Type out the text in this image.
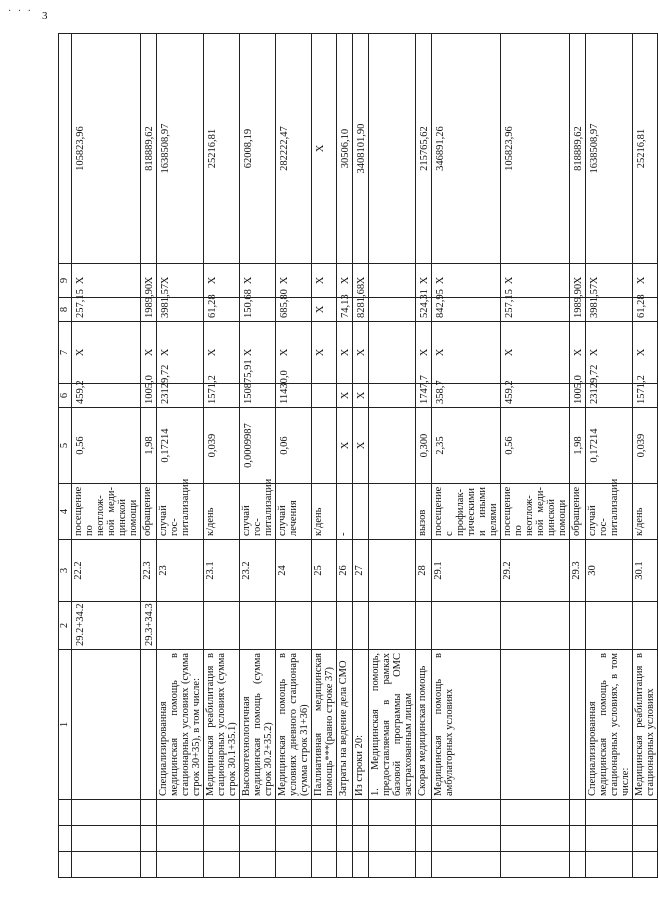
· · · 3
			1	2	3	4	5	6	7	8	9	
				29.2+34.2	22.2	посещение по неотлож-ной меди-цинской помощи	0,56	459,2	Х	257,15	Х	105823,96
				29.3+34.3	22.3	обращение	1,98	1005,0	Х	1989,90	Х	818889,62
			Специализированная медицинская помощь в стационарных условиях (сумма строк 30+35), в том числе:		23	случай гос-питализации	0,17214	23129,72	Х	3981,57	Х	1638508,97
			Медицинская реабилитация в стационарных условиях (сумма строк 30.1+35.1)		23.1	к/день	0,039	1571,2	Х	61,28	Х	25216,81
			Высокотехнологичная медицинская помощь (сумма строк 30.2+35.2)		23.2	случай гос-питализации	0,0009987	150875,91	Х	150,68	Х	62008,19
			Медицинская помощь в условиях дневного стационара (сумма строк 31+36)		24	случай лечения	0,06	11430,0	Х	685,80	Х	282222,47
			Паллиативная медицинская помощь***(равно строке 37)		25	к/день			Х	Х	Х	Х
			Затраты на ведение дела СМО		26	-	Х	Х	Х	74,13	Х	30506,10
			Из строки 20:		27		Х	Х	Х	8281,68	Х	3408101,90
			1. Медицинская помощь, предоставляемая в рамках базовой программы ОМС застрахованным лицам									
			Скорая медицинская помощь		28	вызов	0,300	1747,7	Х	524,31	Х	215765,62
			Медицинская помощь в амбулаторных условиях		29.1	посещение с профилак-тическими и иными целями	2,35	358,7	Х	842,95	Х	346891,26
					29.2	посещение по неотлож-ной меди-цинской помощи	0,56	459,2	Х	257,15	Х	105823,96
					29.3	обращение	1,98	1005,0	Х	1989,90	Х	818889,62
			Специализированная медицинская помощь в стационарных условиях, в том числе:		30	случай гос-питализации	0,17214	23129,72	Х	3981,57	Х	1638508,97
			Медицинская реабилитация в стационарных условиях		30.1	к/день	0,039	1571,2	Х	61,28	Х	25216,81
